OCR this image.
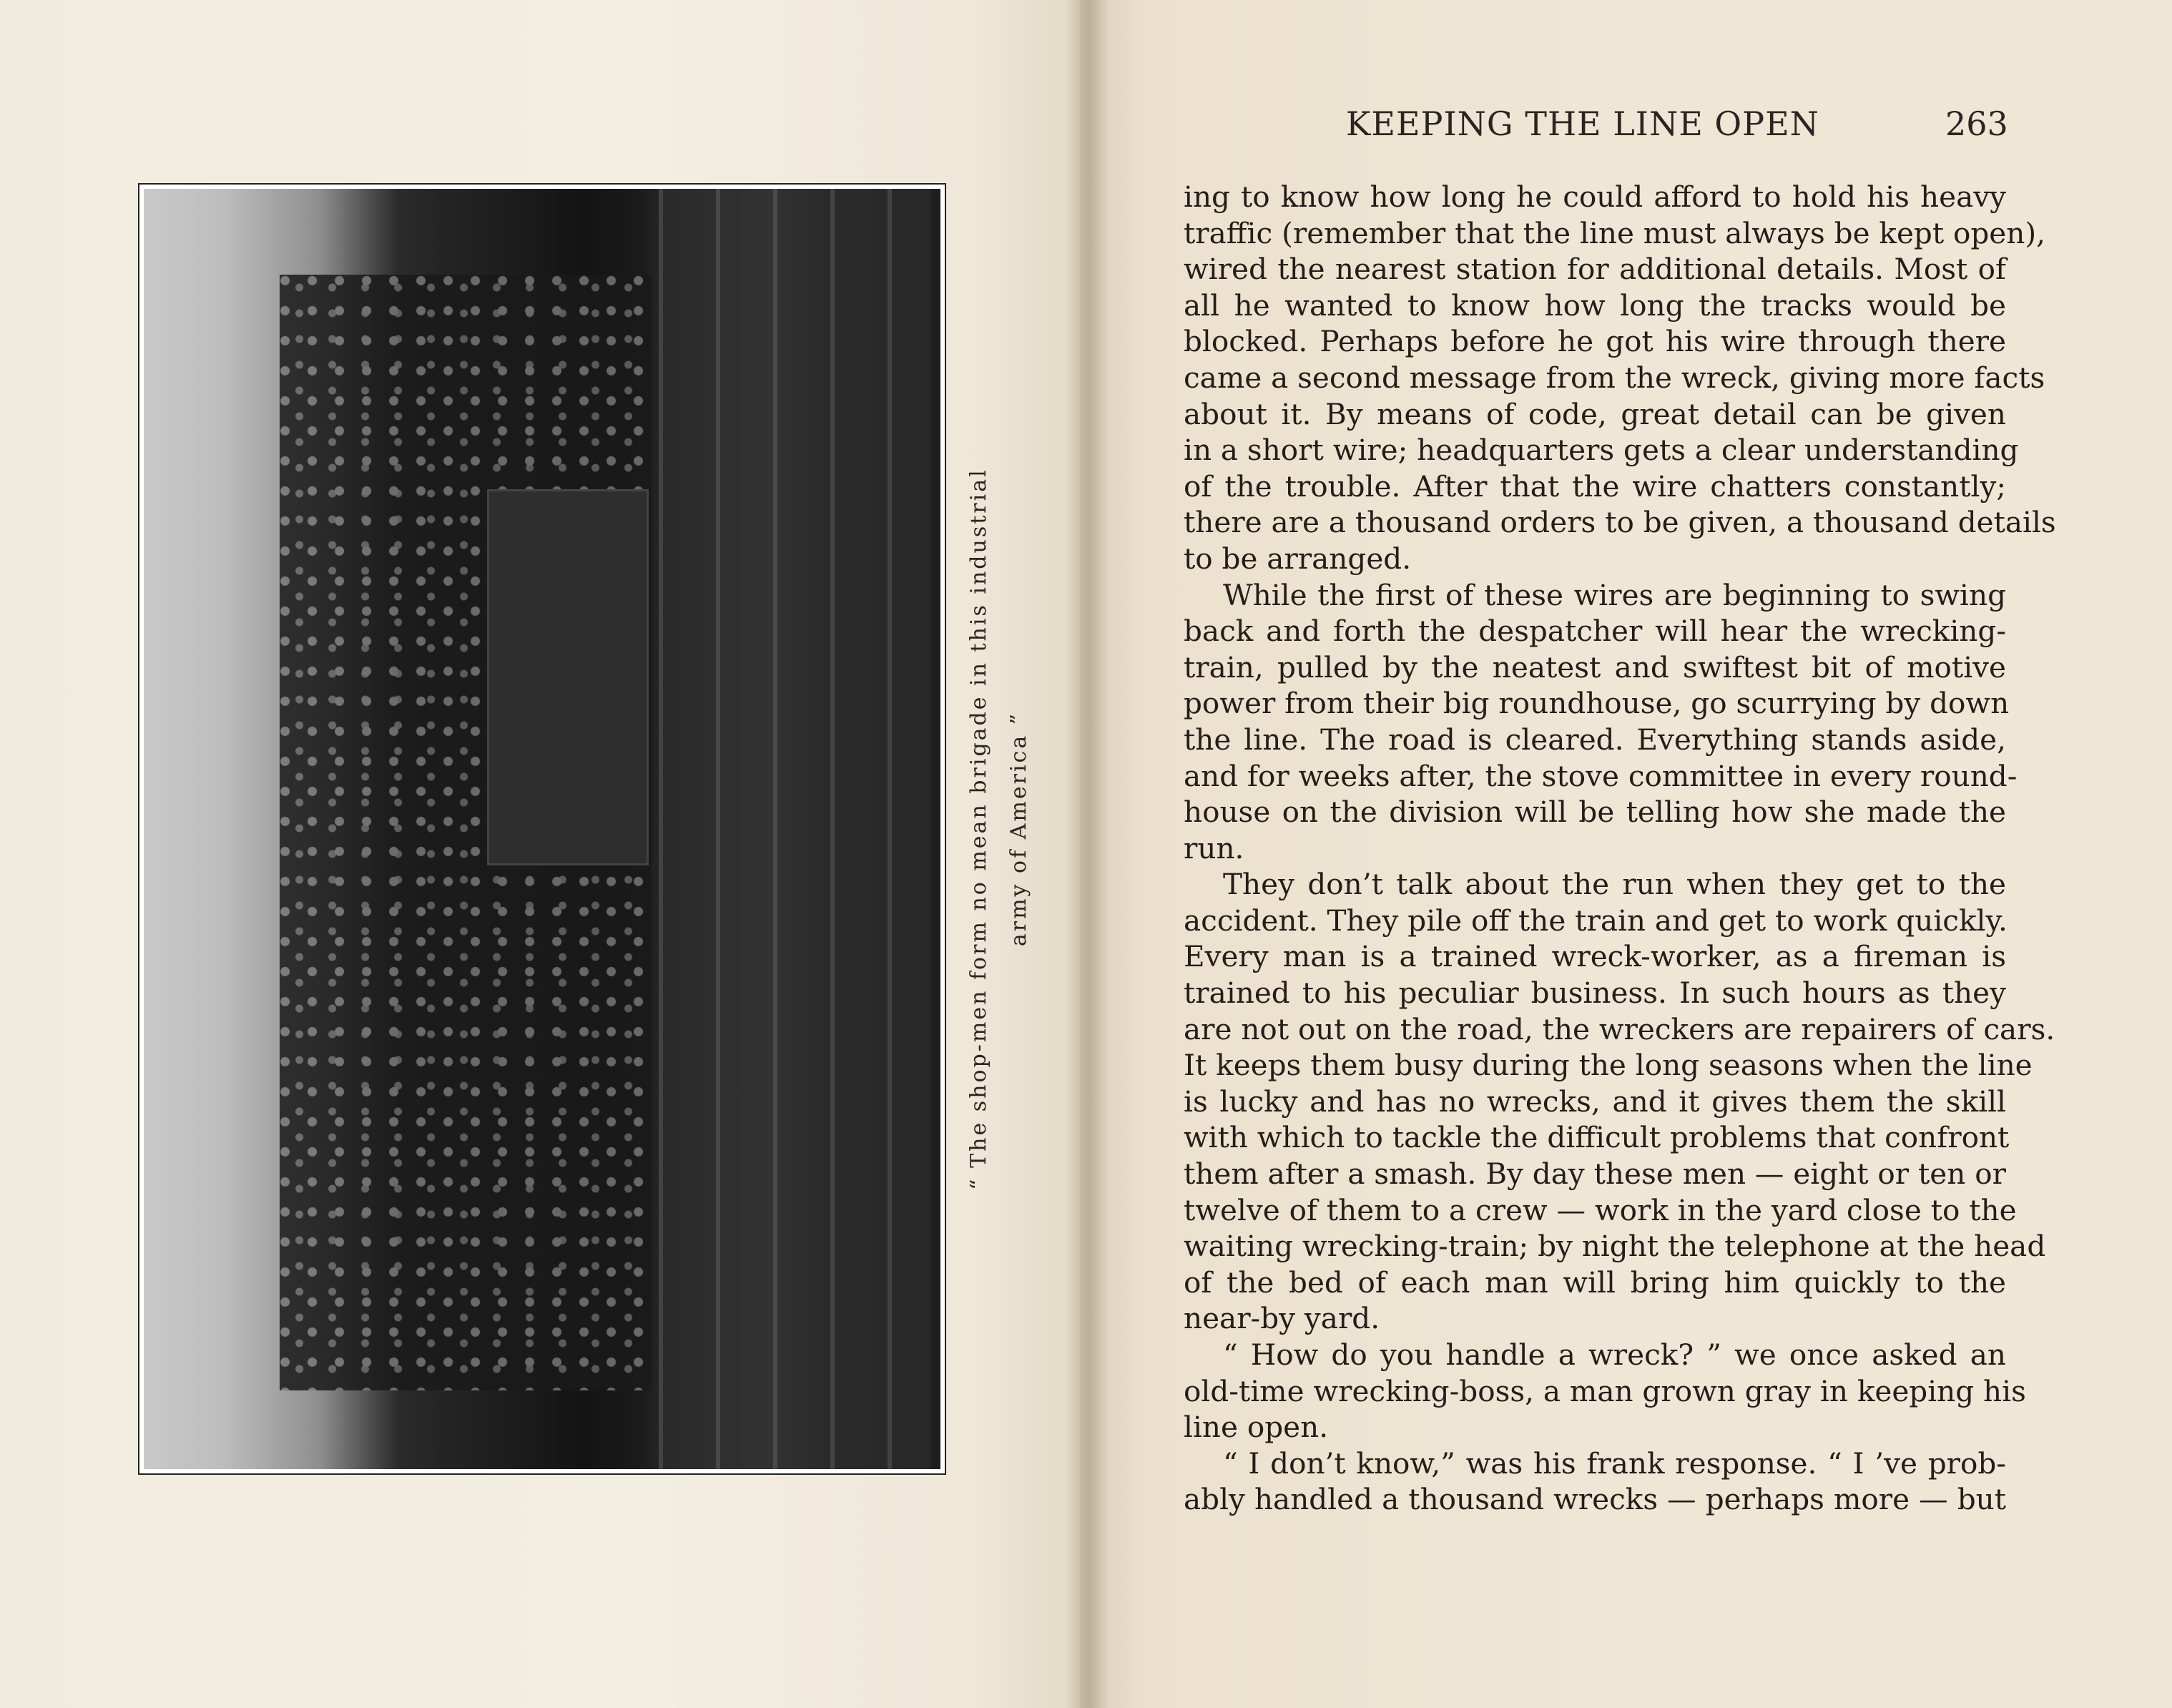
“ The shop-men form no mean brigade in this industrial army of America ”
KEEPING THE LINE OPEN	263
ing to know how long he could afford to hold his heavy
traffic (remember that the line must always be kept open),
wired the nearest station for additional details. Most of
all he wanted to know how long the tracks would be
blocked. Perhaps before he got his wire through there
came a second message from the wreck, giving more facts
about it. By means of code, great detail can be given
in a short wire; headquarters gets a clear understanding
of the trouble. After that the wire chatters constantly;
there are a thousand orders to be given, a thousand details
to be arranged.
While the first of these wires are beginning to swing
back and forth the despatcher will hear the wrecking-
train, pulled by the neatest and swiftest bit of motive
power from their big roundhouse, go scurrying by down
the line. The road is cleared. Everything stands aside,
and for weeks after, the stove committee in every round-
house on the division will be telling how she made the
run.
They don’t talk about the run when they get to the
accident. They pile off the train and get to work quickly.
Every man is a trained wreck-worker, as a fireman is
trained to his peculiar business. In such hours as they
are not out on the road, the wreckers are repairers of cars.
It keeps them busy during the long seasons when the line
is lucky and has no wrecks, and it gives them the skill
with which to tackle the difficult problems that confront
them after a smash. By day these men — eight or ten or
twelve of them to a crew — work in the yard close to the
waiting wrecking-train; by night the telephone at the head
of the bed of each man will bring him quickly to the
near-by yard.
“ How do you handle a wreck? ” we once asked an
old-time wrecking-boss, a man grown gray in keeping his
line open.
“ I don’t know,” was his frank response. “ I ’ve prob-
ably handled a thousand wrecks — perhaps more — but
